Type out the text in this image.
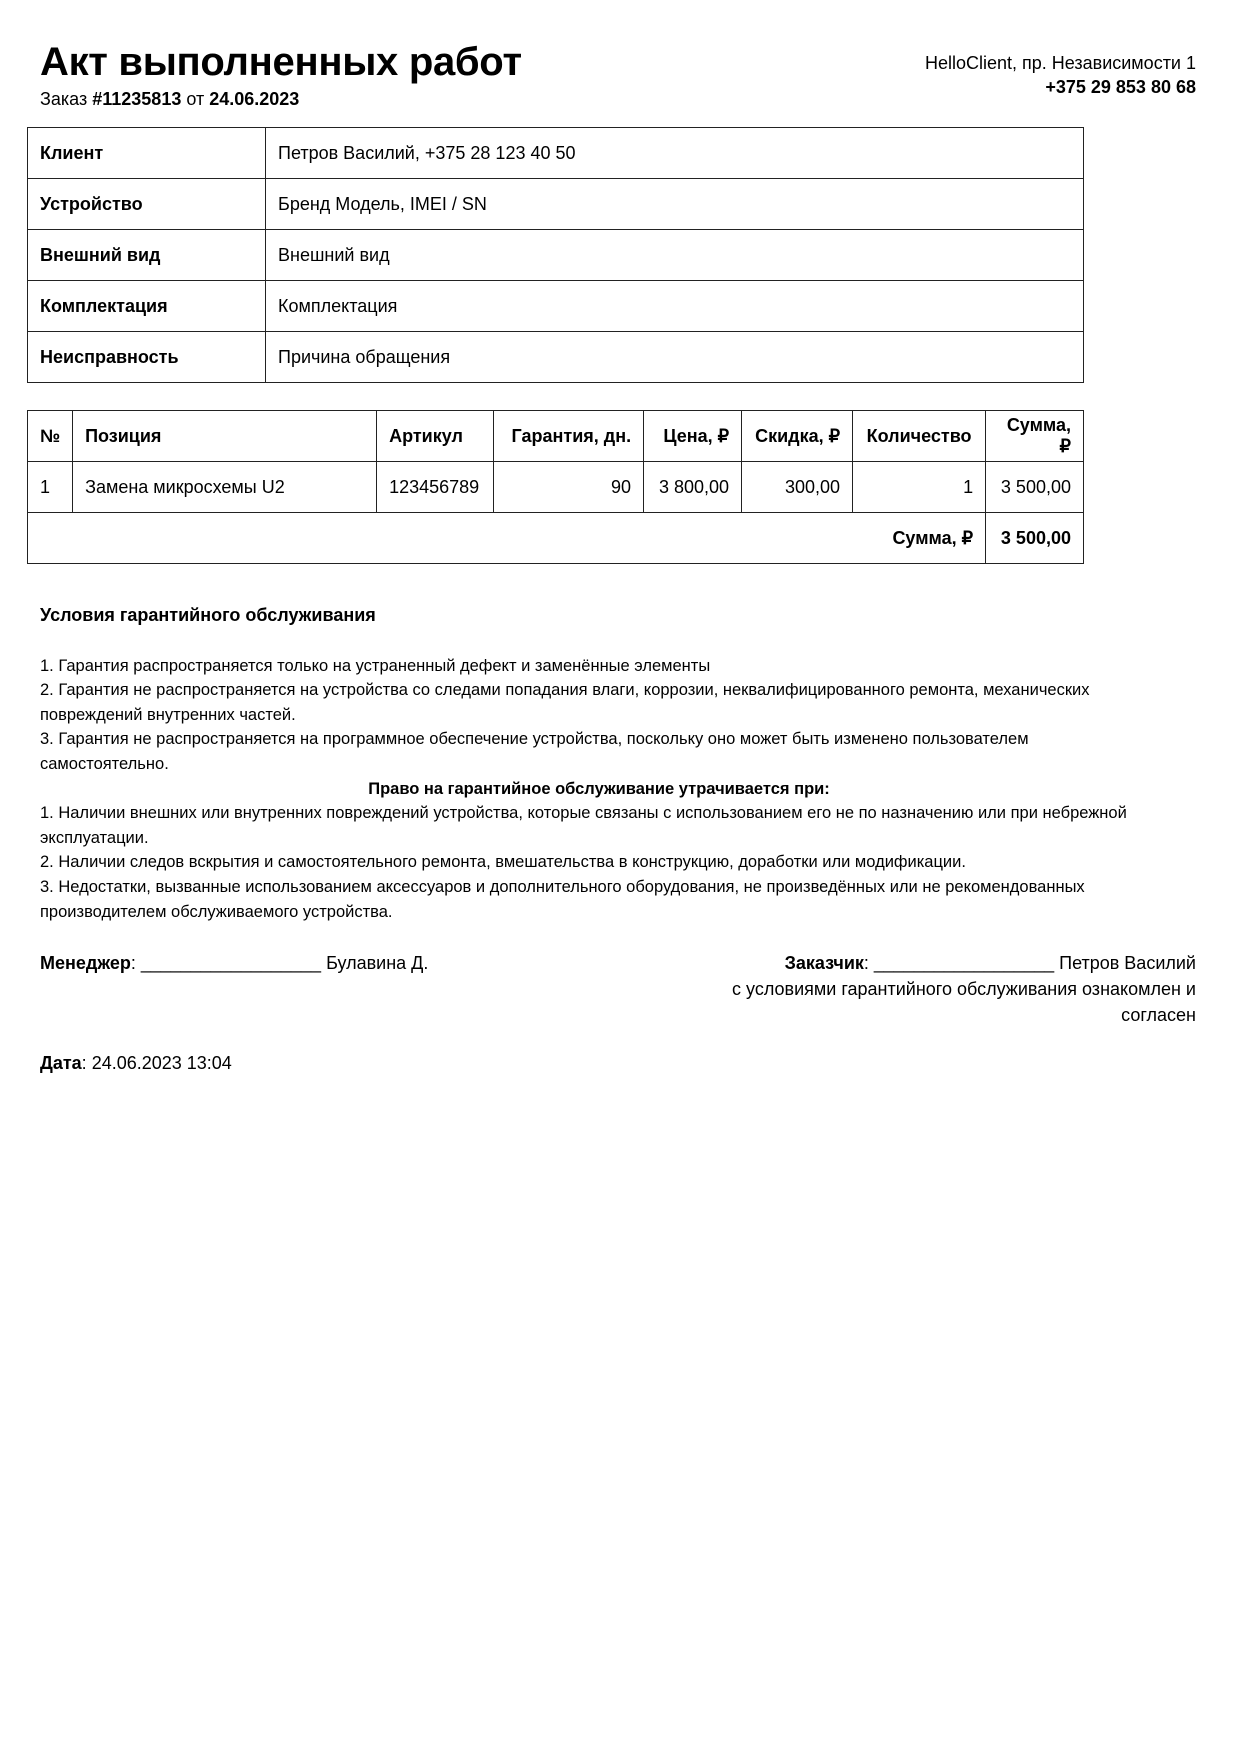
Акт выполненных работ
Заказ #11235813 от 24.06.2023
HelloClient, пр. Независимости 1
+375 29 853 80 68
Клиент	Петров Василий, +375 28 123 40 50
Устройство	Бренд Модель, IMEI / SN
Внешний вид	Внешний вид
Комплектация	Комплектация
Неисправность	Причина обращения
№	Позиция	Артикул	Гарантия, дн.	Цена, ₽	Скидка, ₽	Количество	Сумма, ₽
1	Замена микросхемы U2	123456789	90	3 800,00	300,00	1	3 500,00
Сумма, ₽							3 500,00
Условия гарантийного обслуживания

1. Гарантия распространяется только на устраненный дефект и заменённые элементы

2. Гарантия не распространяется на устройства со следами попадания влаги, коррозии, неквалифицированного ремонта, механических повреждений внутренних частей.

3. Гарантия не распространяется на программное обеспечение устройства, поскольку оно может быть изменено пользователем самостоятельно.

Право на гарантийное обслуживание утрачивается при:

1. Наличии внешних или внутренних повреждений устройства, которые связаны с использованием его не по назначению или при небрежной эксплуатации.

2. Наличии следов вскрытия и самостоятельного ремонта, вмешательства в конструкцию, доработки или модификации.

3. Недостатки, вызванные использованием аксессуаров и дополнительного оборудования, не произведённых или не рекомендованных производителем обслуживаемого устройства.

Менеджер: __________________ Булавина Д.	Заказчик: __________________ Петров Василий
с условиями гарантийного обслуживания ознакомлен и согласен
Дата: 24.06.2023 13:04
